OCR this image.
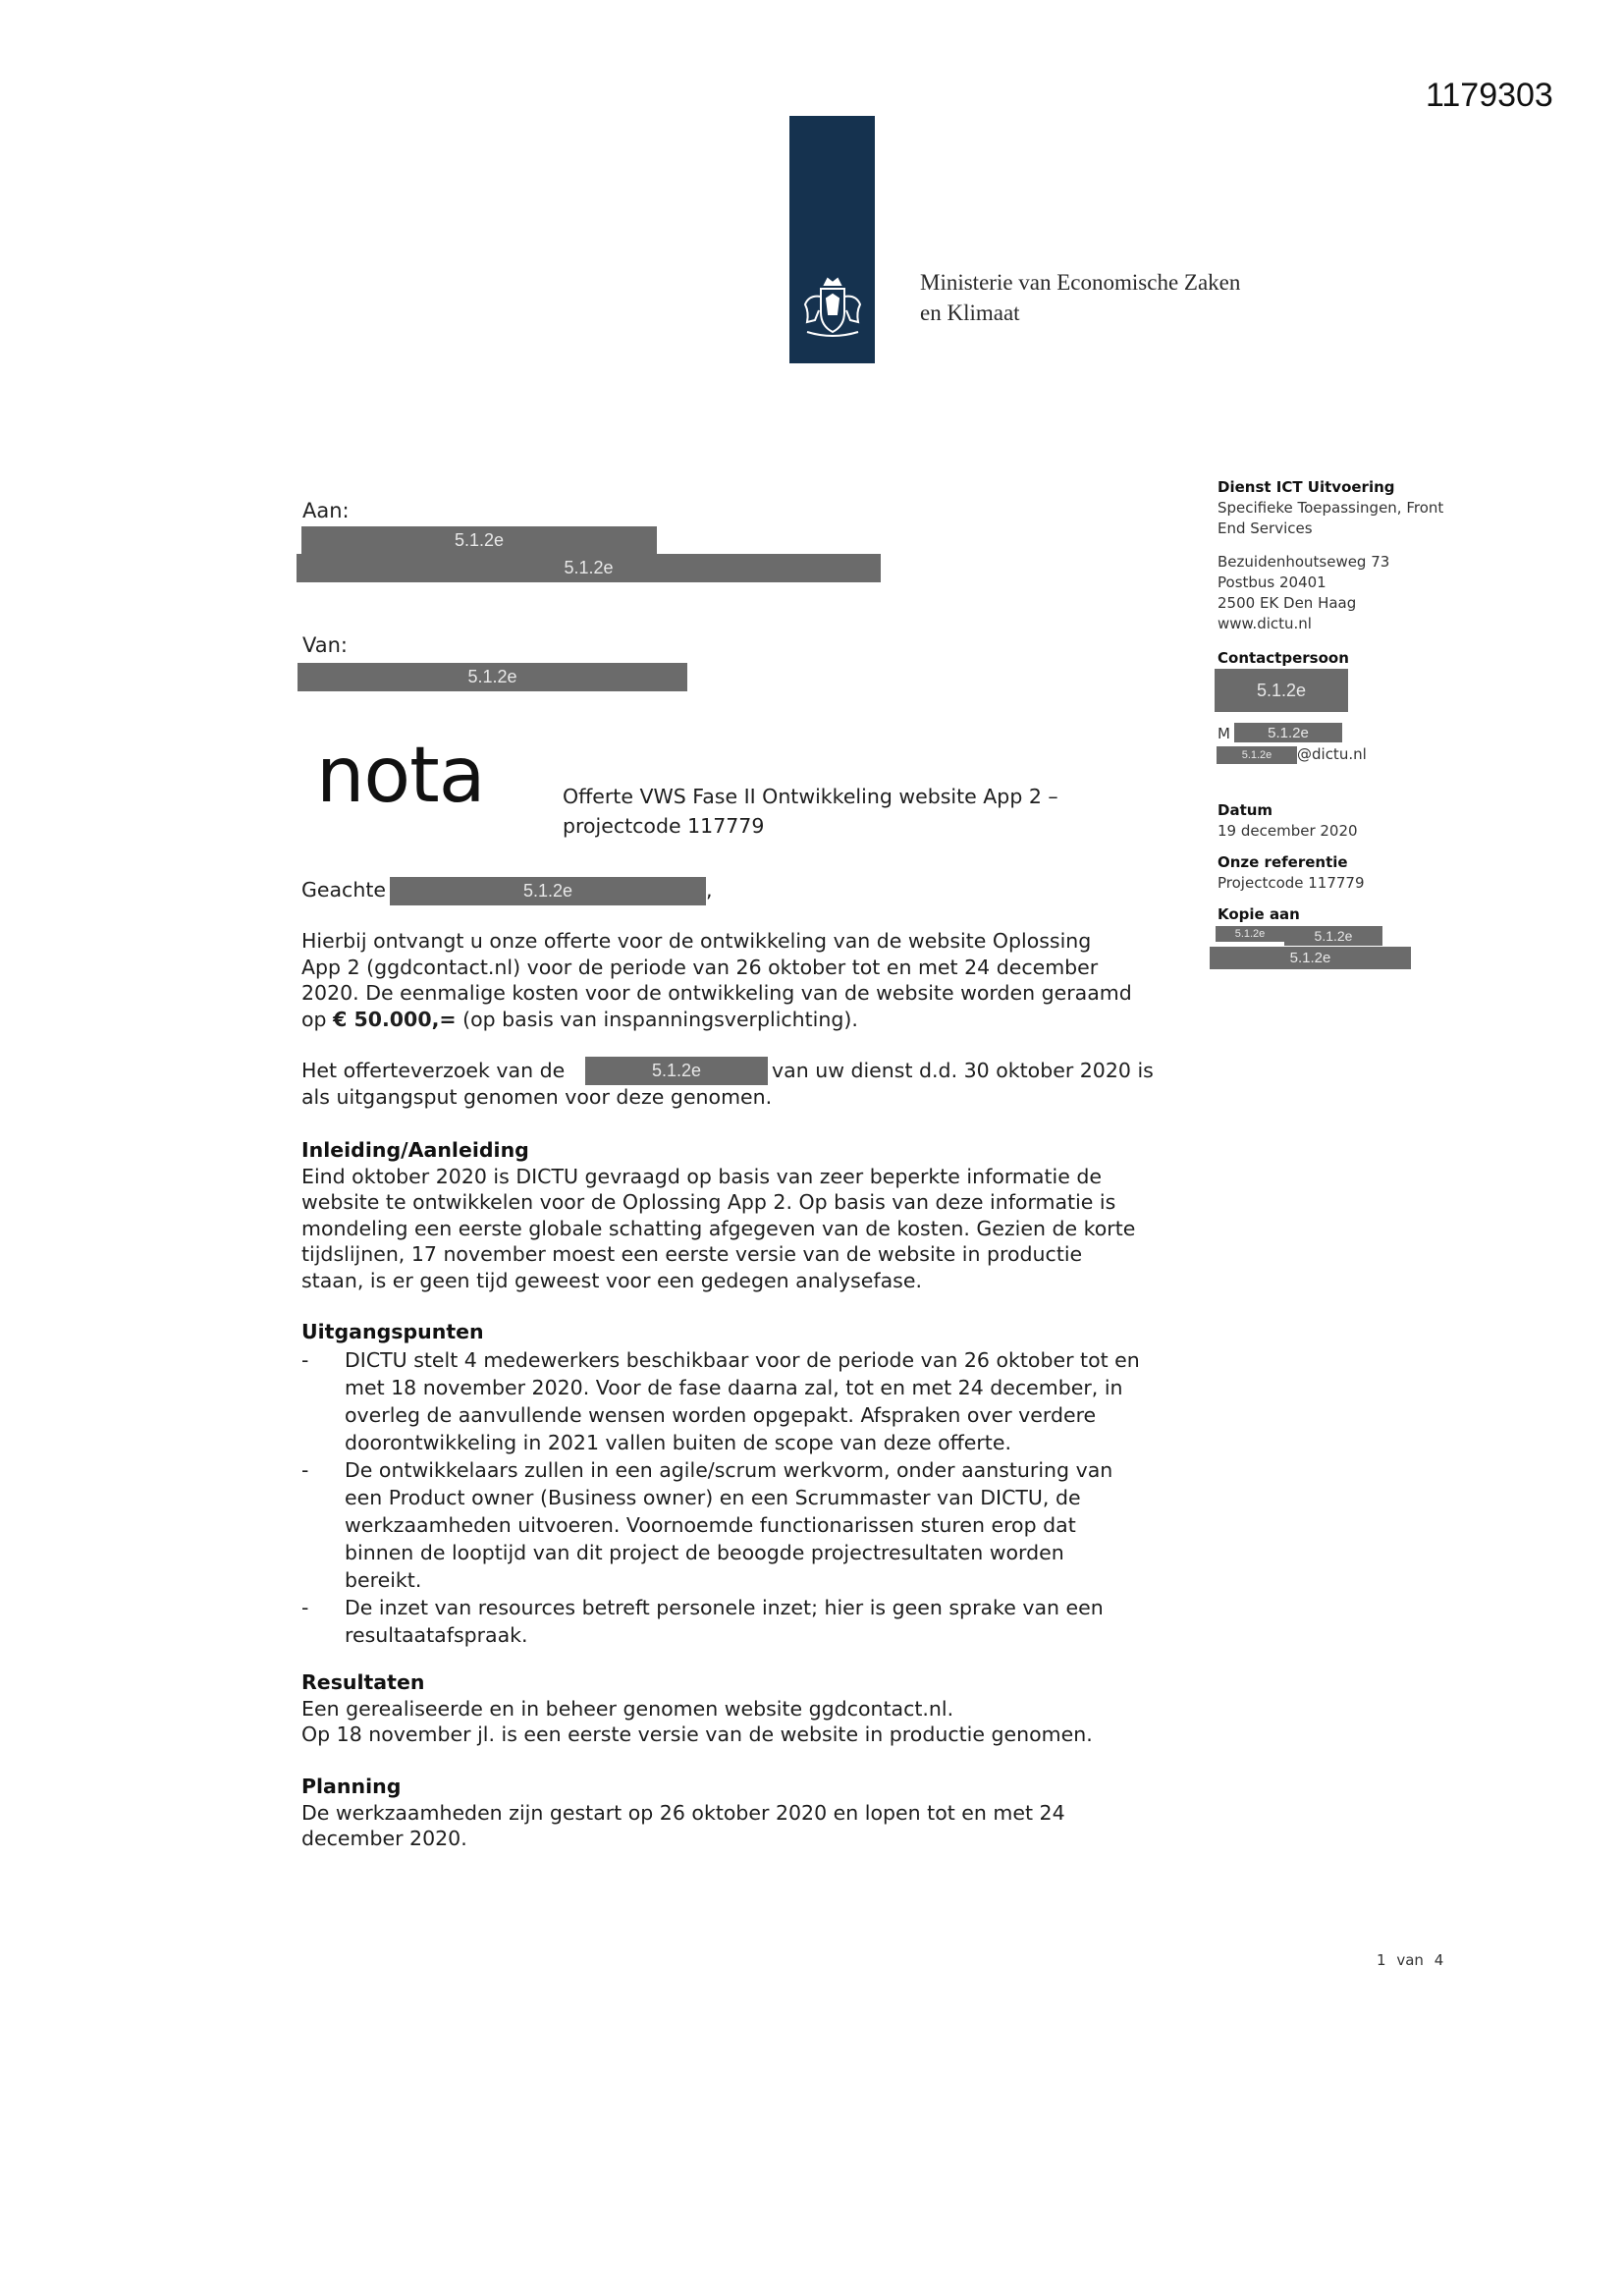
1179303
Ministerie van Economische Zaken
en Klimaat
Aan:
5.1.2e
5.1.2e
Van:
5.1.2e
Dienst ICT Uitvoering
Specifieke Toepassingen, Front
End Services
Bezuidenhoutseweg 73
Postbus 20401
2500 EK Den Haag
www.dictu.nl
Contactpersoon
5.1.2e
M	5.1.2e
5.1.2e	@dictu.nl
Datum
19 december 2020
Onze referentie
Projectcode 117779
Kopie aan
5.1.2e	5.1.2e
5.1.2e
nota	Offerte VWS Fase II Ontwikkeling website App 2 –
projectcode 117779
Geachte	5.1.2e	,

Hierbij ontvangt u onze offerte voor de ontwikkeling van de website Oplossing

App 2 (ggdcontact.nl) voor de periode van 26 oktober tot en met 24 december

2020. De eenmalige kosten voor de ontwikkeling van de website worden geraamd

op € 50.000,= (op basis van inspanningsverplichting).

Het offerteverzoek van de	5.1.2e	van uw dienst d.d. 30 oktober 2020 is
als uitgangsput genomen voor deze genomen.

Inleiding/Aanleiding

Eind oktober 2020 is DICTU gevraagd op basis van zeer beperkte informatie de

website te ontwikkelen voor de Oplossing App 2. Op basis van deze informatie is

mondeling een eerste globale schatting afgegeven van de kosten. Gezien de korte

tijdslijnen, 17 november moest een eerste versie van de website in productie

staan, is er geen tijd geweest voor een gedegen analysefase.

Uitgangspunten

- DICTU stelt 4 medewerkers beschikbaar voor de periode van 26 oktober tot en
met 18 november 2020. Voor de fase daarna zal, tot en met 24 december, in
overleg de aanvullende wensen worden opgepakt. Afspraken over verdere
doorontwikkeling in 2021 vallen buiten de scope van deze offerte.
- De ontwikkelaars zullen in een agile/scrum werkvorm, onder aansturing van
een Product owner (Business owner) en een Scrummaster van DICTU, de
werkzaamheden uitvoeren. Voornoemde functionarissen sturen erop dat
binnen de looptijd van dit project de beoogde projectresultaten worden
bereikt.
- De inzet van resources betreft personele inzet; hier is geen sprake van een
resultaatafspraak.

Resultaten

Een gerealiseerde en in beheer genomen website ggdcontact.nl.

Op 18 november jl. is een eerste versie van de website in productie genomen.

Planning

De werkzaamheden zijn gestart op 26 oktober 2020 en lopen tot en met 24

december 2020.

1 van 4
